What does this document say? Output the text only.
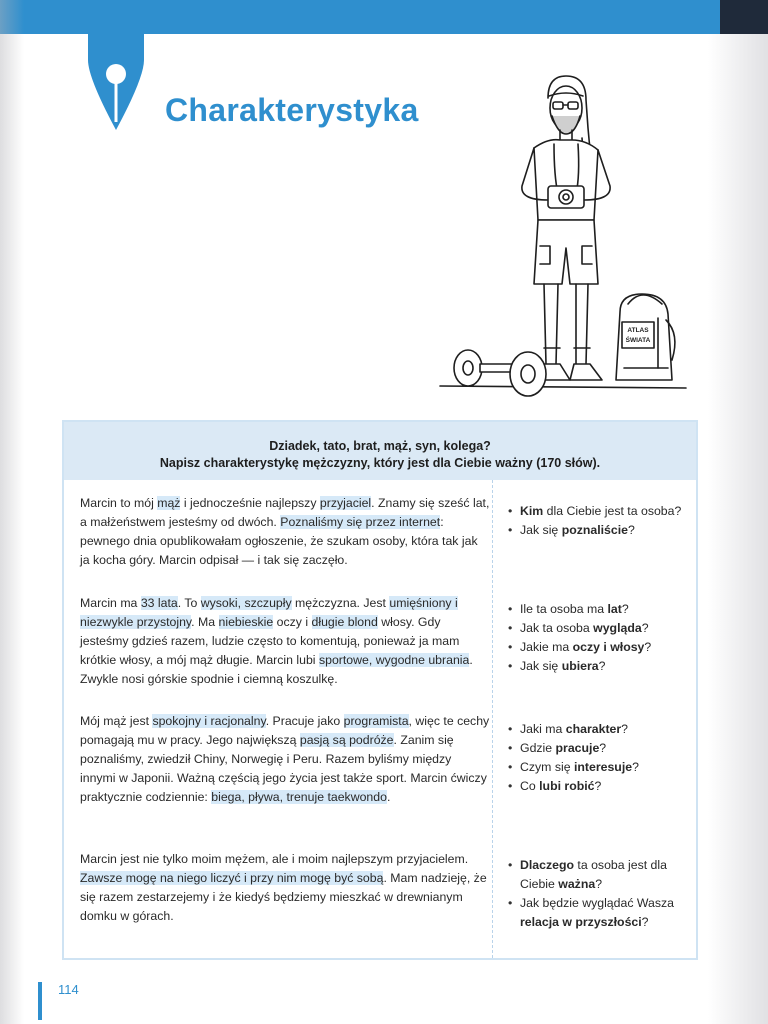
Charakterystyka
ATLAS
ŚWIATA
Dziadek, tato, brat, mąż, syn, kolega?
Napisz charakterystykę mężczyzny, który jest dla Ciebie ważny (170 słów).
Marcin to mój mąż i jednocześnie najlepszy przyjaciel. Znamy się sześć lat, a małżeństwem jesteśmy od dwóch. Poznaliśmy się przez internet: pewnego dnia opublikowałam ogłoszenie, że szukam osoby, która tak jak ja kocha góry. Marcin odpisał — i tak się zaczęło.
Marcin ma 33 lata. To wysoki, szczupły mężczyzna. Jest umięśniony i niezwykle przystojny. Ma niebieskie oczy i długie blond włosy. Gdy jesteśmy gdzieś razem, ludzie często to komentują, ponieważ ja mam krótkie włosy, a mój mąż długie. Marcin lubi sportowe, wygodne ubrania. Zwykle nosi górskie spodnie i ciemną koszulkę.
Mój mąż jest spokojny i racjonalny. Pracuje jako programista, więc te cechy pomagają mu w pracy. Jego największą pasją są podróże. Zanim się poznaliśmy, zwiedził Chiny, Norwegię i Peru. Razem byliśmy między innymi w Japonii. Ważną częścią jego życia jest także sport. Marcin ćwiczy praktycznie codziennie: biega, pływa, trenuje taekwondo.
Marcin jest nie tylko moim mężem, ale i moim najlepszym przyjacielem. Zawsze mogę na niego liczyć i przy nim mogę być sobą. Mam nadzieję, że się razem zestarzejemy i że kiedyś będziemy mieszkać w drewnianym domku w górach.
• Kim dla Ciebie jest ta osoba?
• Jak się poznaliście?
• Ile ta osoba ma lat?
• Jak ta osoba wygląda?
• Jakie ma oczy i włosy?
• Jak się ubiera?
• Jaki ma charakter?
• Gdzie pracuje?
• Czym się interesuje?
• Co lubi robić?
• Dlaczego ta osoba jest dla Ciebie ważna?
• Jak będzie wyglądać Wasza relacja w przyszłości?
114
